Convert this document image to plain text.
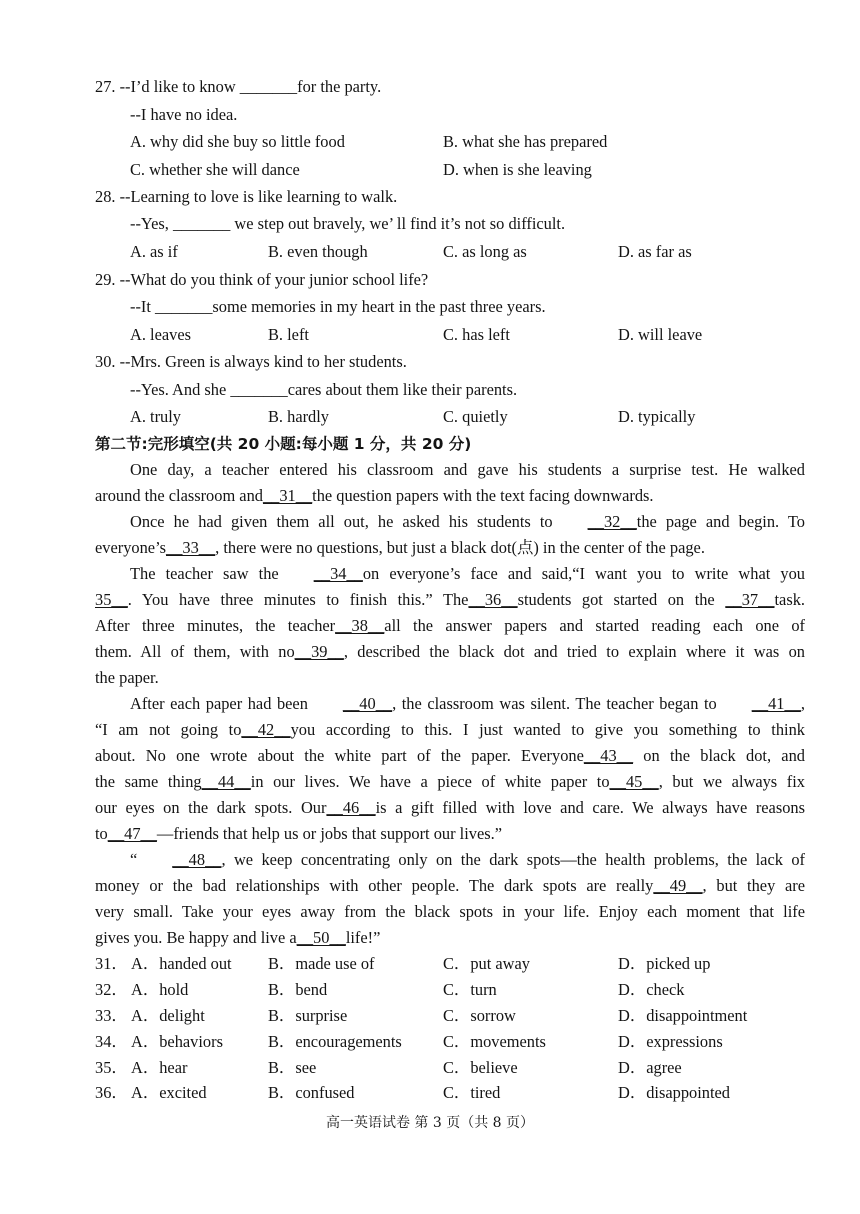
27. --I’d like to know _______for the party.
--I have no idea.
A. why did she buy so little food	B. what she has prepared
C. whether she will dance	D. when is she leaving
28. --Learning to love is like learning to walk.
--Yes, _______ we step out bravely, we’ ll find it’s not so difficult.
A. as if	B. even though	C. as long as	D. as far as
29. --What do you think of your junior school life?
--It _______some memories in my heart in the past three years.
A. leaves	B. left	C. has left	D. will leave
30. --Mrs. Green is always kind to her students.
--Yes. And she _______cares about them like their parents.
A. truly	B. hardly	C. quietly	D. typically
第二节:完形填空(共 20 小题:每小题 1 分，共 20 分)
One day, a teacher entered his classroom and gave his students a surprise test. He walked
around the classroom and__31__the question papers with the text facing downwards.
Once he had given them all out, he asked his students to __32__the page and begin. To
everyone’s__33__, there were no questions, but just a black dot(点) in the center of the page.
The teacher saw the __34__on everyone’s face and said,“I want you to write what you
35__. You have three minutes to finish this.” The__36__students got started on the __37__task.
After three minutes, the teacher__38__all the answer papers and started reading each one of
them. All of them, with no__39__, described the black dot and tried to explain where it was on
the paper.
After each paper had been __40__, the classroom was silent. The teacher began to __41__,
“I am not going to__42__you according to this. I just wanted to give you something to think
about. No one wrote about the white part of the paper. Everyone__43__ on the black dot, and
the same thing__44__in our lives. We have a piece of white paper to__45__, but we always fix
our eyes on the dark spots. Our__46__is a gift filled with love and care. We always have reasons
to__47__—friends that help us or jobs that support our lives.”
“ __48__, we keep concentrating only on the dark spots—the health problems, the lack of
money or the bad relationships with other people. The dark spots are really__49__, but they are
very small. Take your eyes away from the black spots in your life. Enjoy each moment that life
gives you. Be happy and live a__50__life!”
31． A．handed out B．made use of	C．put away	D．picked up
32． A．hold	B．bend	C．turn	D．check
33． A．delight	B．surprise	C．sorrow	D．disappointment
34． A．behaviors	B．encouragements	C．movements	D．expressions
35． A．hear	B．see	C．believe	D．agree
36． A．excited	B．confused	C．tired	D．disappointed
高一英语试卷 第 3 页（共 8 页）
